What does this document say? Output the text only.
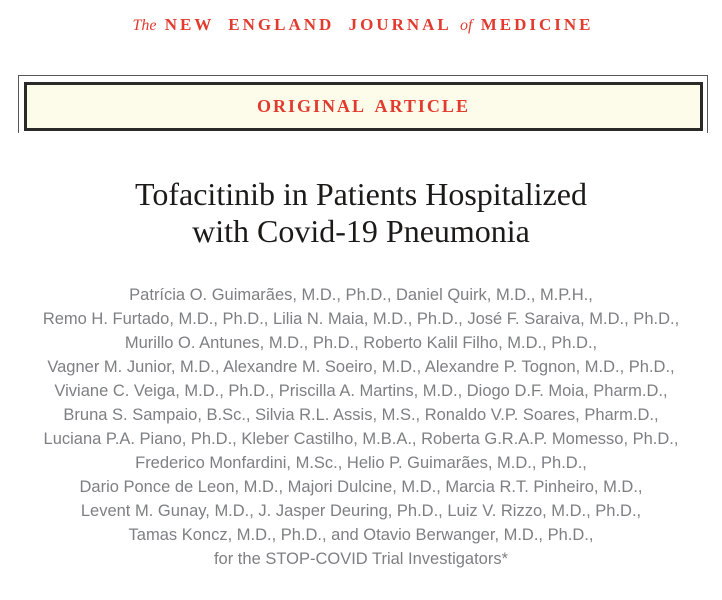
The NEW ENGLAND JOURNAL of MEDICINE
ORIGINAL ARTICLE
Tofacitinib in Patients Hospitalized
with Covid-19 Pneumonia
Patrícia O. Guimarães, M.D., Ph.D., Daniel Quirk, M.D., M.P.H.,
Remo H. Furtado, M.D., Ph.D., Lilia N. Maia, M.D., Ph.D., José F. Saraiva, M.D., Ph.D.,
Murillo O. Antunes, M.D., Ph.D., Roberto Kalil Filho, M.D., Ph.D.,
Vagner M. Junior, M.D., Alexandre M. Soeiro, M.D., Alexandre P. Tognon, M.D., Ph.D.,
Viviane C. Veiga, M.D., Ph.D., Priscilla A. Martins, M.D., Diogo D.F. Moia, Pharm.D.,
Bruna S. Sampaio, B.Sc., Silvia R.L. Assis, M.S., Ronaldo V.P. Soares, Pharm.D.,
Luciana P.A. Piano, Ph.D., Kleber Castilho, M.B.A., Roberta G.R.A.P. Momesso, Ph.D.,
Frederico Monfardini, M.Sc., Helio P. Guimarães, M.D., Ph.D.,
Dario Ponce de Leon, M.D., Majori Dulcine, M.D., Marcia R.T. Pinheiro, M.D.,
Levent M. Gunay, M.D., J. Jasper Deuring, Ph.D., Luiz V. Rizzo, M.D., Ph.D.,
Tamas Koncz, M.D., Ph.D., and Otavio Berwanger, M.D., Ph.D.,
for the STOP-COVID Trial Investigators*
